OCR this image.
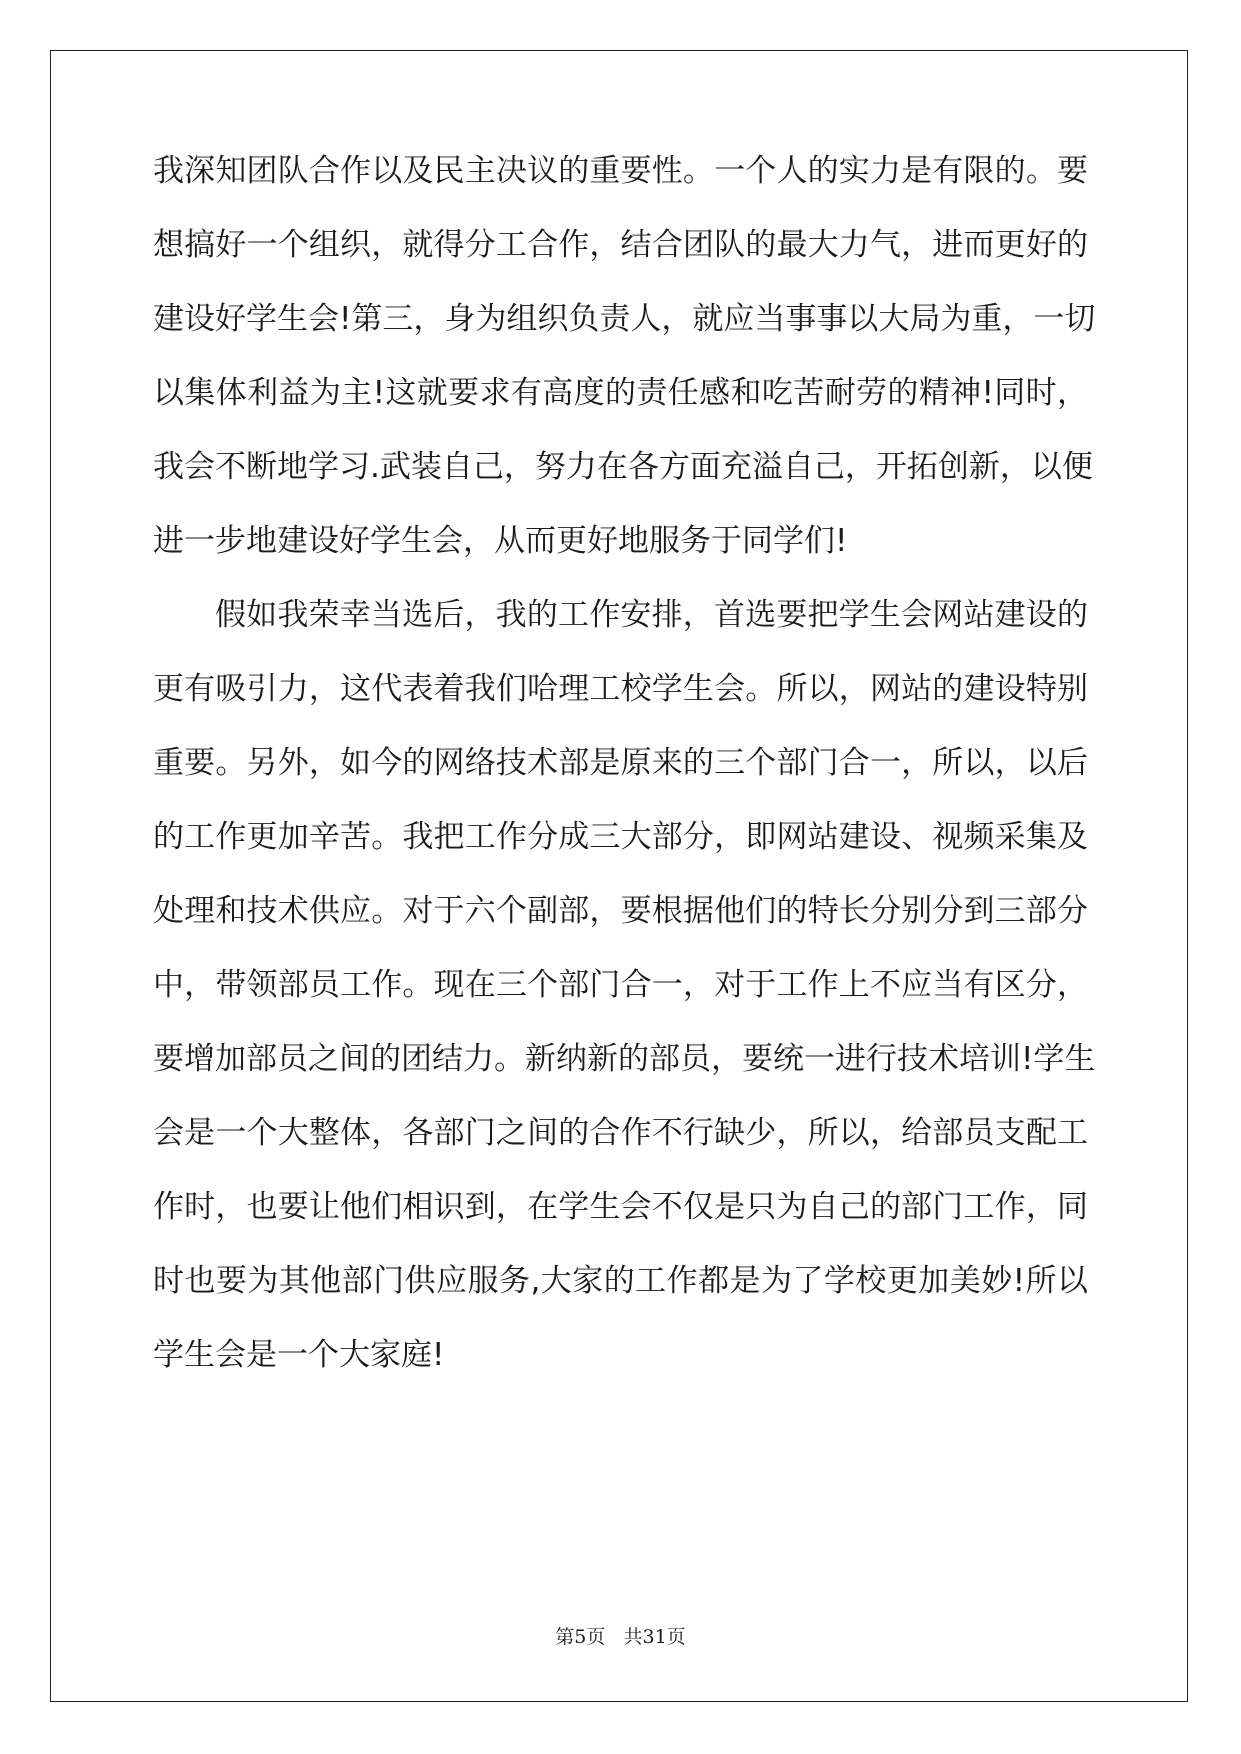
我深知团队合作以及民主决议的重要性。一个人的实力是有限的。要
想搞好一个组织，就得分工合作，结合团队的最大力气，进而更好的
建设好学生会!第三，身为组织负责人，就应当事事以大局为重，一切
以集体利益为主!这就要求有高度的责任感和吃苦耐劳的精神!同时，
我会不断地学习.武装自己，努力在各方面充溢自己，开拓创新，以便
进一步地建设好学生会，从而更好地服务于同学们!
假如我荣幸当选后，我的工作安排，首选要把学生会网站建设的
更有吸引力，这代表着我们哈理工校学生会。所以，网站的建设特别
重要。另外，如今的网络技术部是原来的三个部门合一，所以，以后
的工作更加辛苦。我把工作分成三大部分，即网站建设、视频采集及
处理和技术供应。对于六个副部，要根据他们的特长分别分到三部分
中，带领部员工作。现在三个部门合一，对于工作上不应当有区分，
要增加部员之间的团结力。新纳新的部员，要统一进行技术培训!学生
会是一个大整体，各部门之间的合作不行缺少，所以，给部员支配工
作时，也要让他们相识到，在学生会不仅是只为自己的部门工作，同
时也要为其他部门供应服务,大家的工作都是为了学校更加美妙!所以
学生会是一个大家庭!
第5页   共31页
